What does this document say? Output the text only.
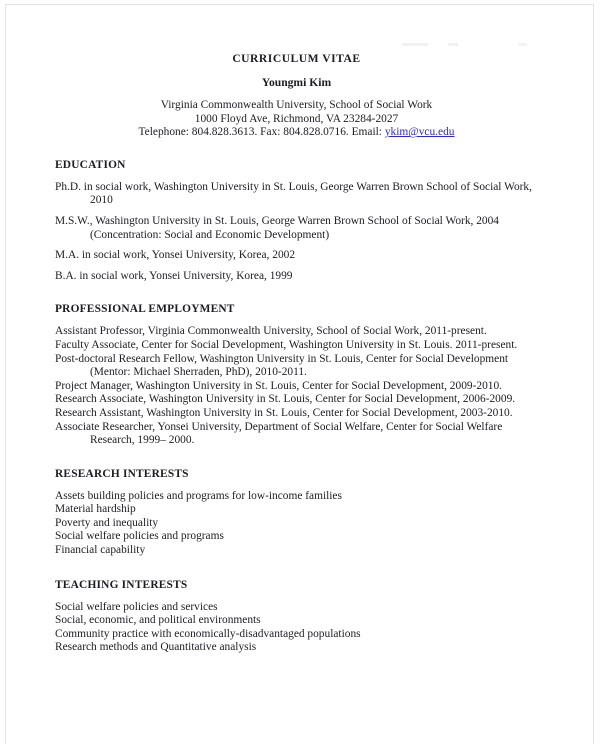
CURRICULUM VITAE
Youngmi Kim
Virginia Commonwealth University, School of Social Work
1000 Floyd Ave, Richmond, VA 23284-2027
Telephone: 804.828.3613. Fax: 804.828.0716. Email: ykim@vcu.edu
EDUCATION
Ph.D. in social work, Washington University in St. Louis, George Warren Brown School of Social Work, 2010
M.S.W., Washington University in St. Louis, George Warren Brown School of Social Work, 2004 (Concentration: Social and Economic Development)
M.A. in social work, Yonsei University, Korea, 2002
B.A. in social work, Yonsei University, Korea, 1999
PROFESSIONAL EMPLOYMENT
Assistant Professor, Virginia Commonwealth University, School of Social Work, 2011-present.
Faculty Associate, Center for Social Development, Washington University in St. Louis. 2011-present.
Post-doctoral Research Fellow, Washington University in St. Louis, Center for Social Development (Mentor: Michael Sherraden, PhD), 2010-2011.
Project Manager, Washington University in St. Louis, Center for Social Development, 2009-2010.
Research Associate, Washington University in St. Louis, Center for Social Development, 2006-2009.
Research Assistant, Washington University in St. Louis, Center for Social Development, 2003-2010.
Associate Researcher, Yonsei University, Department of Social Welfare, Center for Social Welfare Research, 1999– 2000.
RESEARCH INTERESTS
Assets building policies and programs for low-income families
Material hardship
Poverty and inequality
Social welfare policies and programs
Financial capability
TEACHING INTERESTS
Social welfare policies and services
Social, economic, and political environments
Community practice with economically-disadvantaged populations
Research methods and Quantitative analysis
